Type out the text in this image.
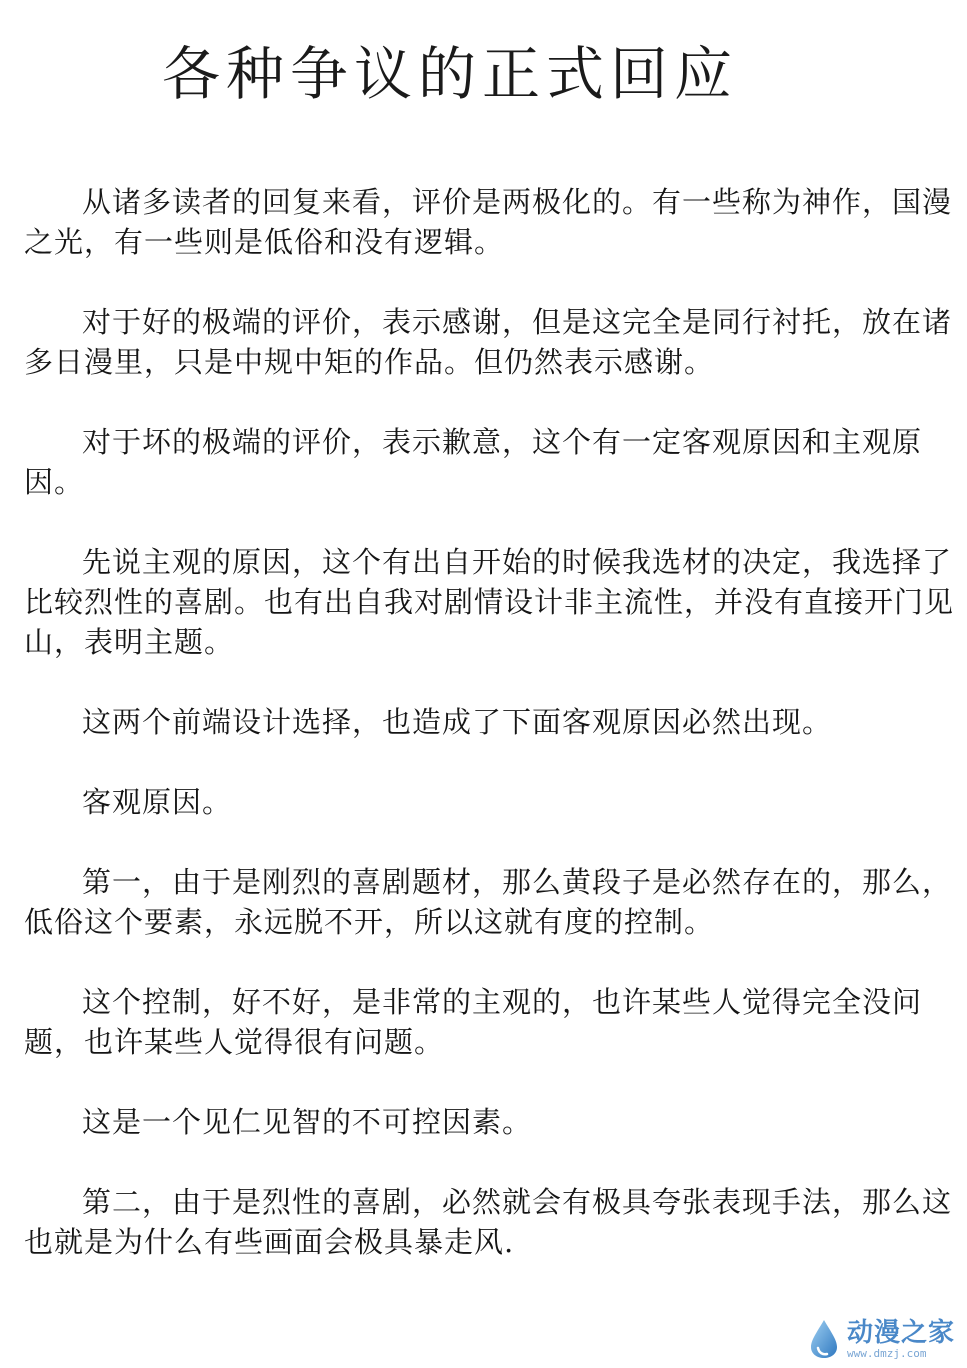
各种争议的正式回应

从诸多读者的回复来看，评价是两极化的。有一些称为神作，国漫之光，有一些则是低俗和没有逻辑。

对于好的极端的评价，表示感谢，但是这完全是同行衬托，放在诸多日漫里，只是中规中矩的作品。但仍然表示感谢。

对于坏的极端的评价，表示歉意，这个有一定客观原因和主观原因。

先说主观的原因，这个有出自开始的时候我选材的决定，我选择了比较烈性的喜剧。也有出自我对剧情设计非主流性，并没有直接开门见山，表明主题。

这两个前端设计选择，也造成了下面客观原因必然出现。

客观原因。

第一，由于是刚烈的喜剧题材，那么黄段子是必然存在的，那么，低俗这个要素，永远脱不开，所以这就有度的控制。

这个控制，好不好，是非常的主观的，也许某些人觉得完全没问题，也许某些人觉得很有问题。

这是一个见仁见智的不可控因素。

第二，由于是烈性的喜剧，必然就会有极具夸张表现手法，那么这也就是为什么有些画面会极具暴走风.

动漫之家
www.dmzj.com
